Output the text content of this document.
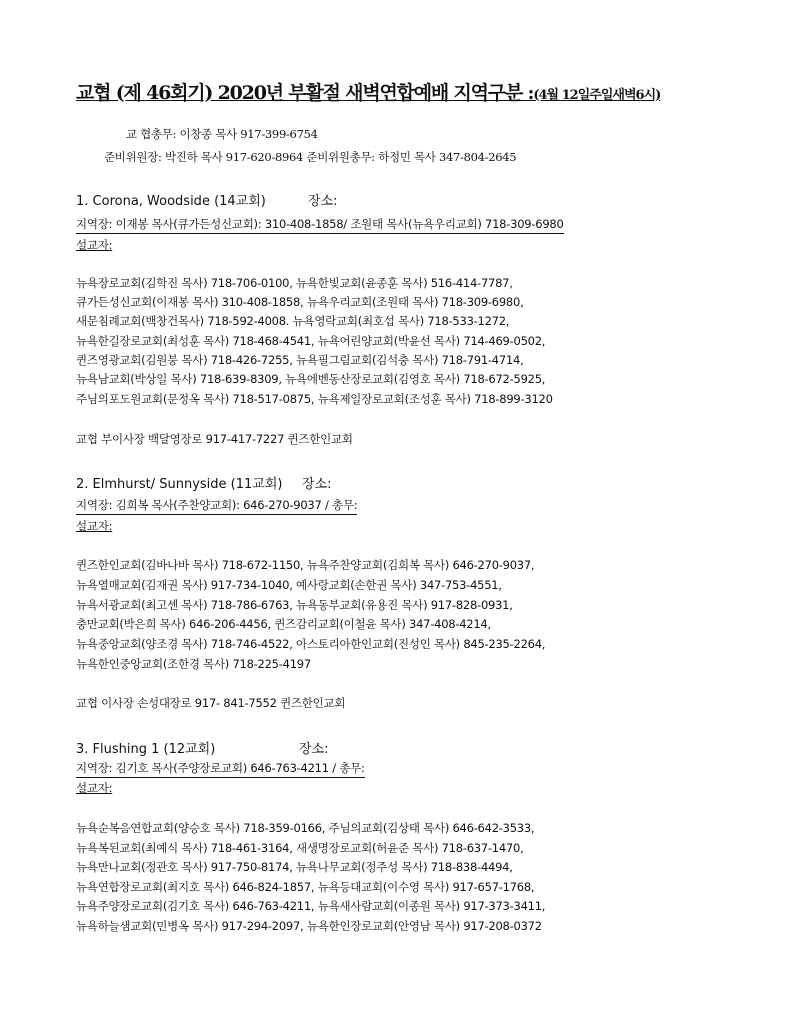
교협 (제 46회기) 2020년 부활절 새벽연합예배 지역구분 :(4월 12일주일새벽6시)
교 협총무: 이창종 목사 917-399-6754
준비위원장: 박진하 목사 917-620-8964 준비위원총무: 하정민 목사 347-804-2645
1. Corona, Woodside (14교회)	장소:
지역장: 이재봉 목사(큐가든성신교회): 310-408-1858/ 조원태 목사(뉴욕우리교회) 718-309-6980
설교자:
뉴욕장로교회(김학진 목사) 718-706-0100, 뉴욕한빛교회(윤종훈 목사) 516-414-7787,
큐가든성신교회(이재봉 목사) 310-408-1858, 뉴욕우리교회(조원태 목사) 718-309-6980,
새문침례교회(백창건목사) 718-592-4008. 뉴욕영락교회(최호섭 목사) 718-533-1272,
뉴욕한길장로교회(최성훈 목사) 718-468-4541, 뉴욕어린양교회(박윤선 목사) 714-469-0502,
퀸즈영광교회(김원붕 목사) 718-426-7255, 뉴욕필그림교회(김석충 목사) 718-791-4714,
뉴욕남교회(박상일 목사) 718-639-8309, 뉴욕에벤동산장로교회(김영호 목사) 718-672-5925,
주님의포도원교회(문정옥 목사) 718-517-0875, 뉴욕제일장로교회(조성훈 목사) 718-899-3120
교협 부이사장 백달영장로 917-417-7227 퀸즈한인교회
2. Elmhurst/ Sunnyside (11교회) 장소:
지역장: 김희복 목사(주찬양교회): 646-270-9037 / 총무:
설교자:
퀸즈한인교회(김바나바 목사) 718-672-1150, 뉴욕주찬양교회(김희복 목사) 646-270-9037,
뉴욕열매교회(김재권 목사) 917-734-1040, 예사랑교회(손한권 목사) 347-753-4551,
뉴욕서광교회(최고센 목사) 718-786-6763, 뉴욕동부교회(유용진 목사) 917-828-0931,
충만교회(박은희 목사) 646-206-4456, 퀸즈감리교회(이철윤 목사) 347-408-4214,
뉴욕중앙교회(양조경 목사) 718-746-4522, 아스토리아한인교회(진성인 목사) 845-235-2264,
뉴욕한인중앙교회(조한경 목사) 718-225-4197
교협 이사장 손성대장로 917- 841-7552 퀸즈한인교회
3. Flushing 1 (12교회)	장소:
지역장: 김기호 목사(주양장로교회) 646-763-4211 / 총무:
설교자:
뉴욕순복음연합교회(양승호 목사) 718-359-0166, 주님의교회(김상태 목사) 646-642-3533,
뉴욕복된교회(최예식 목사) 718-461-3164, 새생명장로교회(허윤준 목사) 718-637-1470,
뉴욕만나교회(정관호 목사) 917-750-8174, 뉴욕나무교회(정주성 목사) 718-838-4494,
뉴욕연합장로교회(최지호 목사) 646-824-1857, 뉴욕등대교회(이수영 목사) 917-657-1768,
뉴욕주양장로교회(김기호 목사) 646-763-4211, 뉴욕새사람교회(이종원 목사) 917-373-3411,
뉴욕하늘샘교회(민병옥 목사) 917-294-2097, 뉴욕한인장로교회(안영남 목사) 917-208-0372
